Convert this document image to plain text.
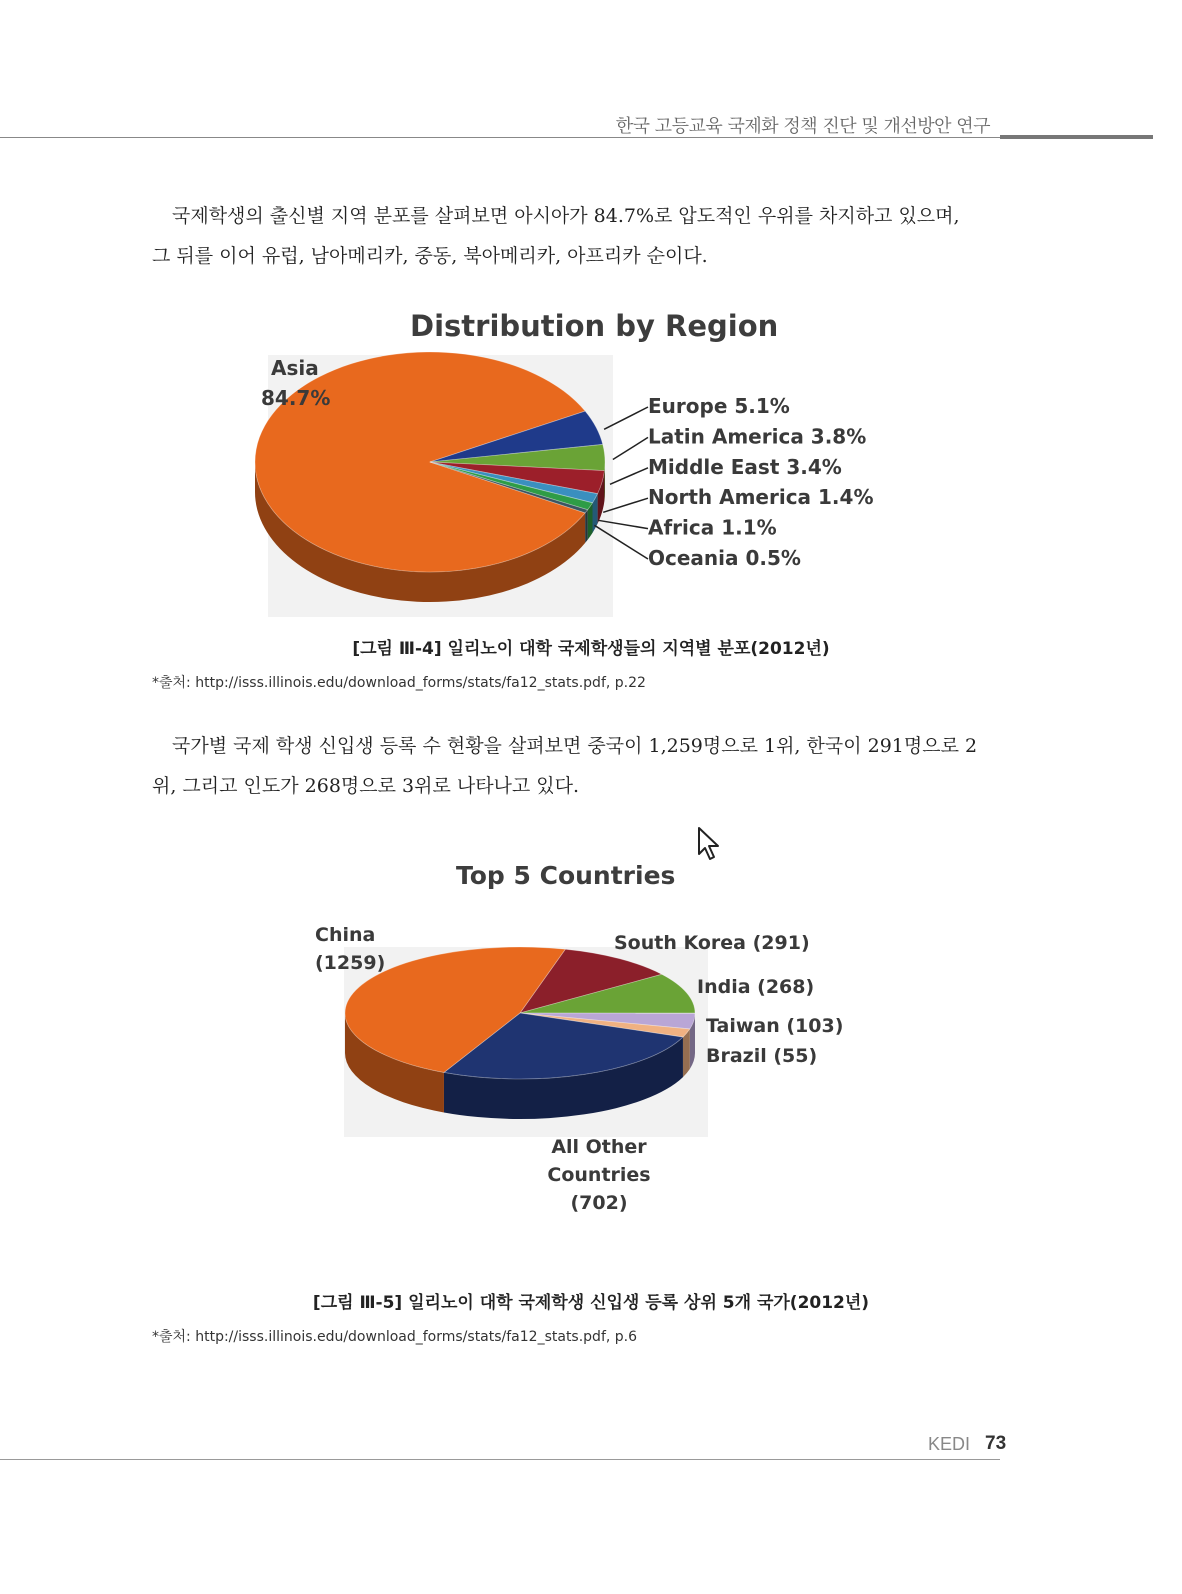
한국 고등교육 국제화 정책 진단 및 개선방안 연구

국제학생의 출신별 지역 분포를 살펴보면 아시아가 84.7%로 압도적인 우위를 차지하고 있으며,

그 뒤를 이어 유럽, 남아메리카, 중동, 북아메리카, 아프리카 순이다.

Distribution by Region
Asia
84.7%	Europe 5.1%
Latin America 3.8%
Middle East 3.4%
North America 1.4%
Africa 1.1%
Oceania 0.5%
[그림 Ⅲ-4] 일리노이 대학 국제학생들의 지역별 분포(2012년)
*출처: http://isss.illinois.edu/download_forms/stats/fa12_stats.pdf, p.22

국가별 국제 학생 신입생 등록 수 현황을 살펴보면 중국이 1,259명으로 1위, 한국이 291명으로 2

위, 그리고 인도가 268명으로 3위로 나타나고 있다.

Top 5 Countries
China
(1259)
South Korea (291)
India (268)
Taiwan (103)
Brazil (55)
All Other
Countries
(702)
[그림 Ⅲ-5] 일리노이 대학 국제학생 신입생 등록 상위 5개 국가(2012년)
*출처: http://isss.illinois.edu/download_forms/stats/fa12_stats.pdf, p.6
KEDI 73
